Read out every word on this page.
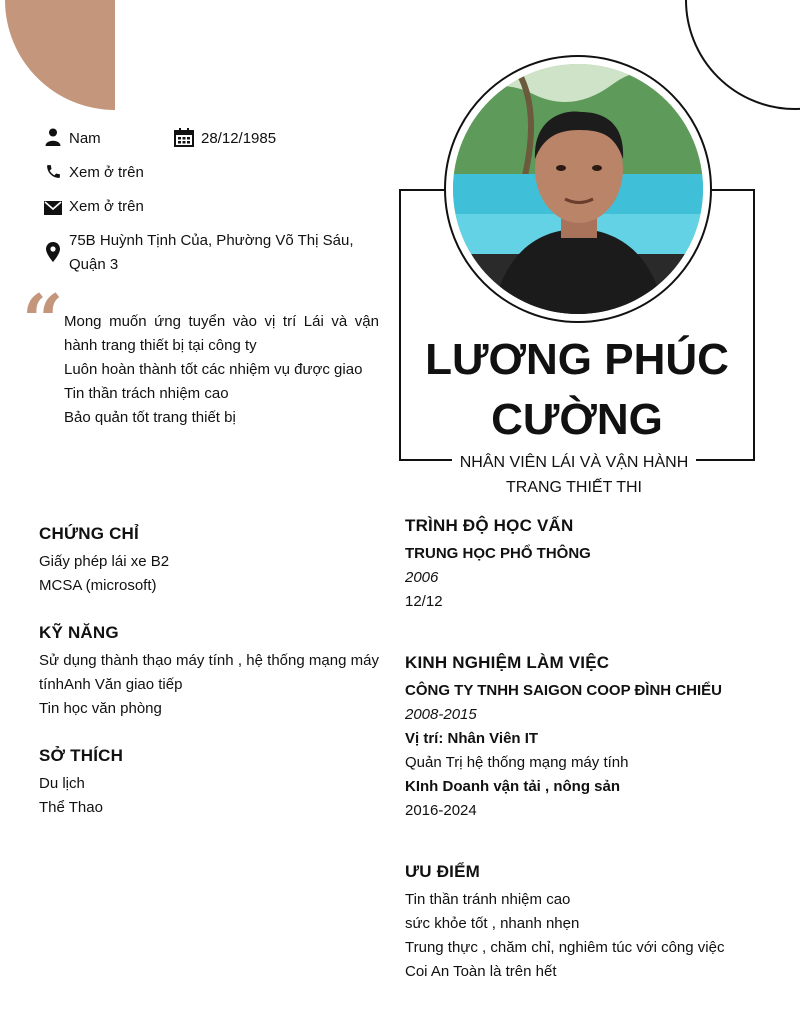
Nam	28/12/1985
Xem ở trên
Xem ở trên
75B Huỳnh Tịnh Của, Phường Võ Thị Sáu,
Quận 3
“ Mong muốn ứng tuyển vào vị trí Lái và vận hành trang thiết bị tại công ty
Luôn hoàn thành tốt các nhiệm vụ được giao
Tin thần trách nhiệm cao
Bảo quản tốt trang thiết bị
LƯƠNG PHÚC
CƯỜNG
NHÂN VIÊN LÁI VÀ VẬN HÀNH
TRANG THIẾT THI
CHỨNG CHỈ
Giấy phép lái xe B2
MCSA (microsoft)
KỸ NĂNG
Sử dụng thành thạo máy tính , hệ thống mạng máy tínhAnh Văn giao tiếp
Tin học văn phòng
SỞ THÍCH
Du lịch
Thể Thao
TRÌNH ĐỘ HỌC VẤN
TRUNG HỌC PHỔ THÔNG
2006
12/12
KINH NGHIỆM LÀM VIỆC
CÔNG TY TNHH SAIGON COOP ĐÌNH CHIỂU
2008-2015
Vị trí: Nhân Viên IT
Quản Trị hệ thống mạng máy tính
KInh Doanh vận tải , nông sản
2016-2024
ƯU ĐIỂM
Tin thần tránh nhiệm cao
sức khỏe tốt , nhanh nhẹn
Trung thực , chăm chỉ, nghiêm túc với công việc
Coi An Toàn là trên hết
